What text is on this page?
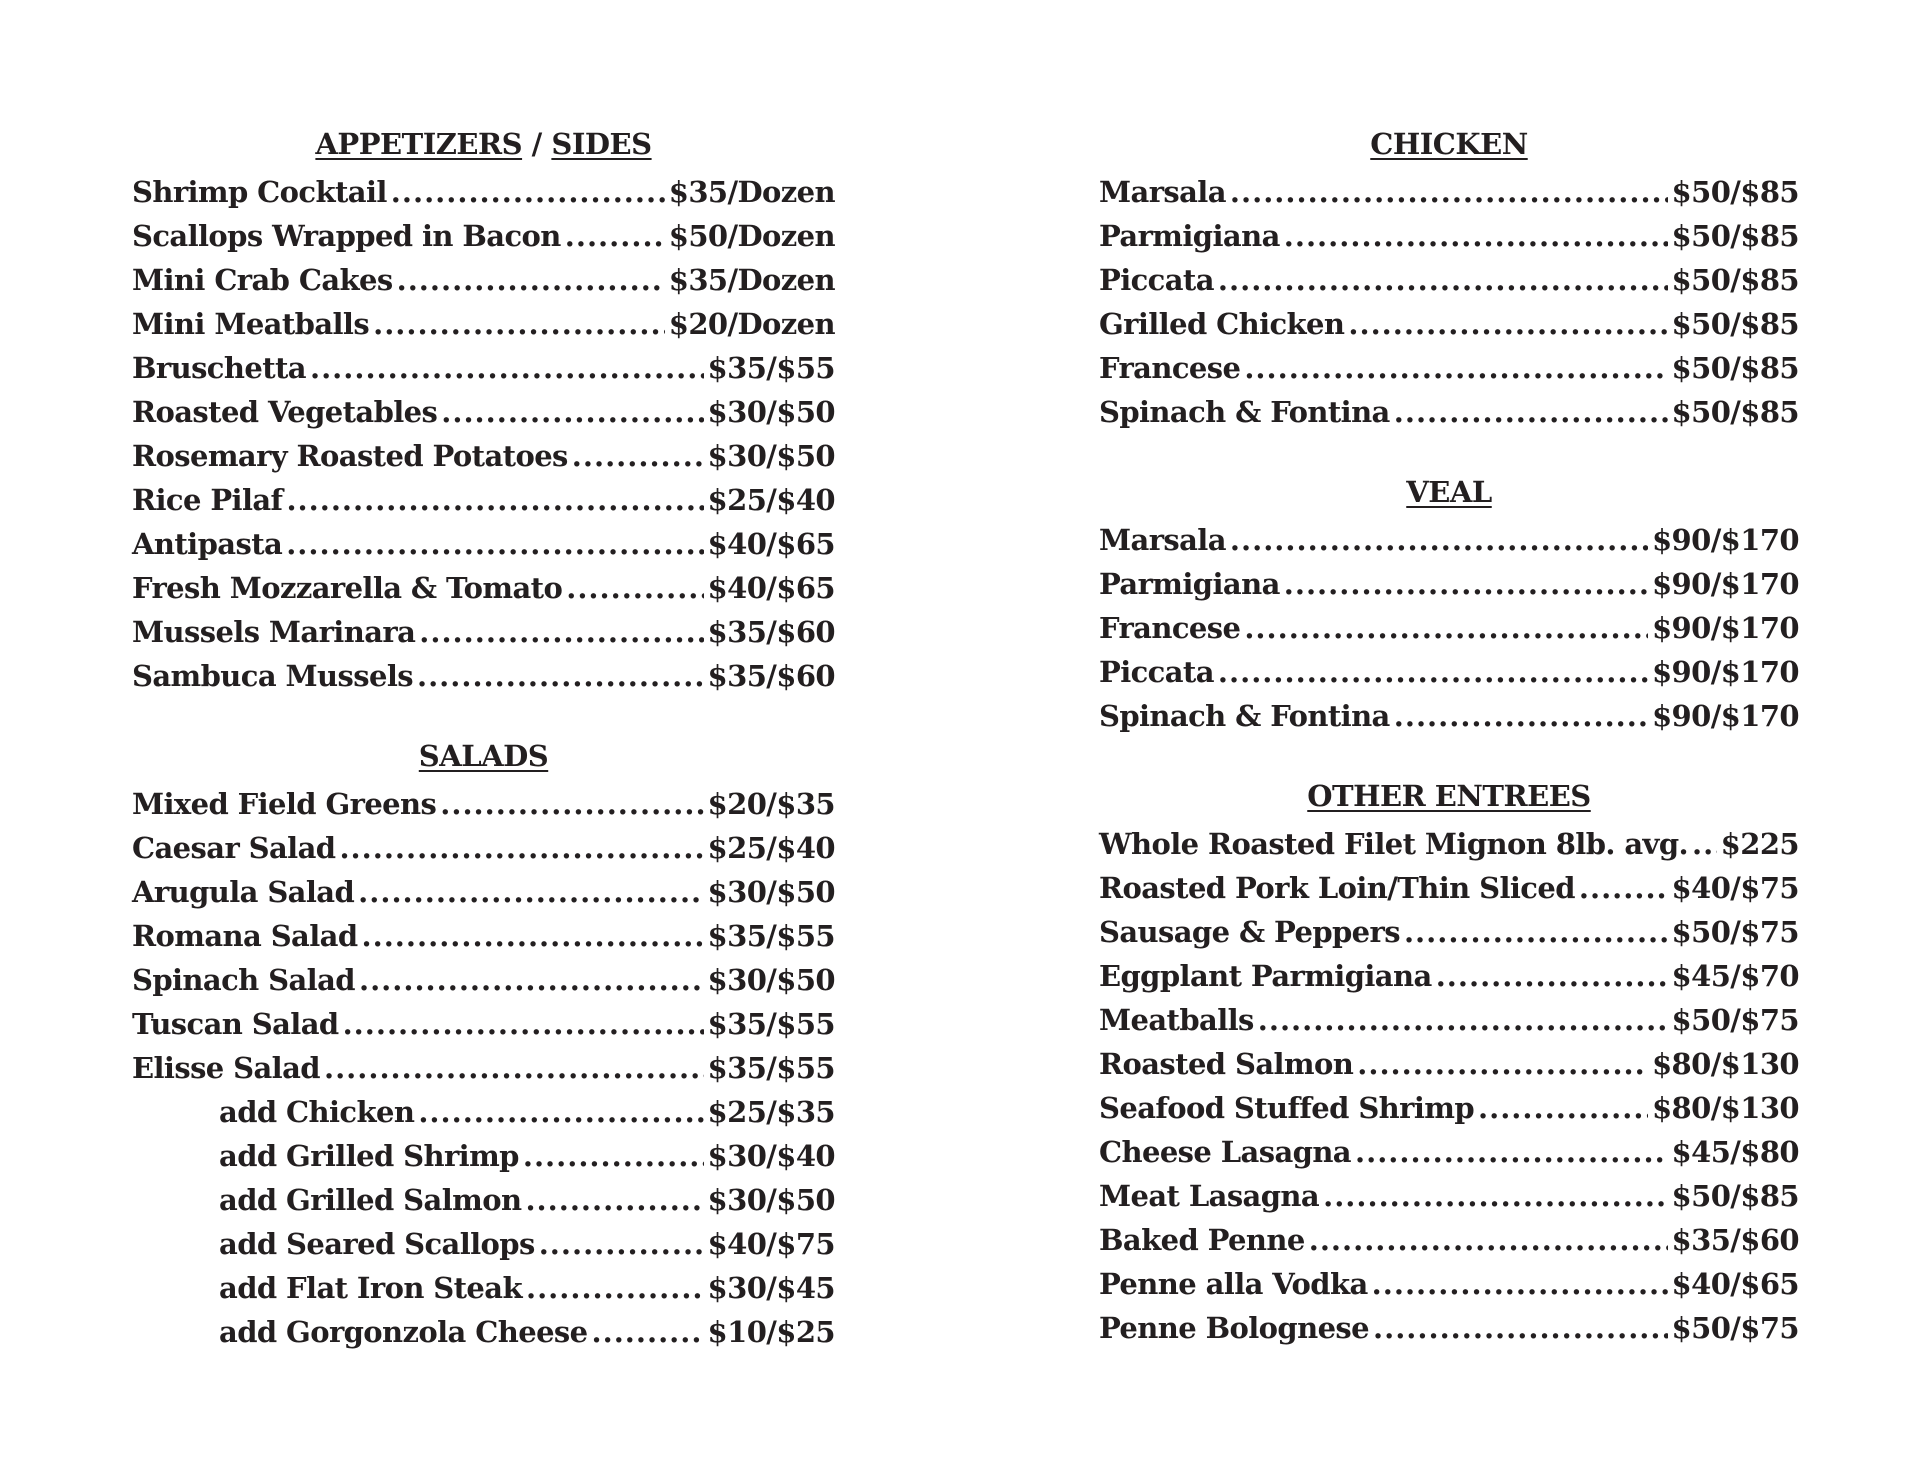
APPETIZERS / SIDES
Shrimp Cocktail .....	$35/Dozen
Scallops Wrapped in Bacon .....	$50/Dozen
Mini Crab Cakes .....	$35/Dozen
Mini Meatballs .....	$20/Dozen
Bruschetta .....	$35/$55
Roasted Vegetables .....	$30/$50
Rosemary Roasted Potatoes .....	$30/$50
Rice Pilaf .....	$25/$40
Antipasta .....	$40/$65
Fresh Mozzarella & Tomato .....	$40/$65
Mussels Marinara .....	$35/$60
Sambuca Mussels .....	$35/$60
SALADS
Mixed Field Greens .....	$20/$35
Caesar Salad .....	$25/$40
Arugula Salad .....	$30/$50
Romana Salad .....	$35/$55
Spinach Salad .....	$30/$50
Tuscan Salad .....	$35/$55
Elisse Salad .....	$35/$55
add Chicken .....	$25/$35
add Grilled Shrimp .....	$30/$40
add Grilled Salmon .....	$30/$50
add Seared Scallops .....	$40/$75
add Flat Iron Steak .....	$30/$45
add Gorgonzola Cheese .....	$10/$25
CHICKEN
Marsala .....	$50/$85
Parmigiana .....	$50/$85
Piccata .....	$50/$85
Grilled Chicken .....	$50/$85
Francese .....	$50/$85
Spinach & Fontina .....	$50/$85
VEAL
Marsala .....	$90/$170
Parmigiana .....	$90/$170
Francese .....	$90/$170
Piccata .....	$90/$170
Spinach & Fontina .....	$90/$170
OTHER ENTREES
Whole Roasted Filet Mignon 8lb. avg. ..... $225
Roasted Pork Loin/Thin Sliced .....	$40/$75
Sausage & Peppers .....	$50/$75
Eggplant Parmigiana .....	$45/$70
Meatballs .....	$50/$75
Roasted Salmon .....	$80/$130
Seafood Stuffed Shrimp .....	$80/$130
Cheese Lasagna .....	$45/$80
Meat Lasagna .....	$50/$85
Baked Penne .....	$35/$60
Penne alla Vodka .....	$40/$65
Penne Bolognese .....	$50/$75
